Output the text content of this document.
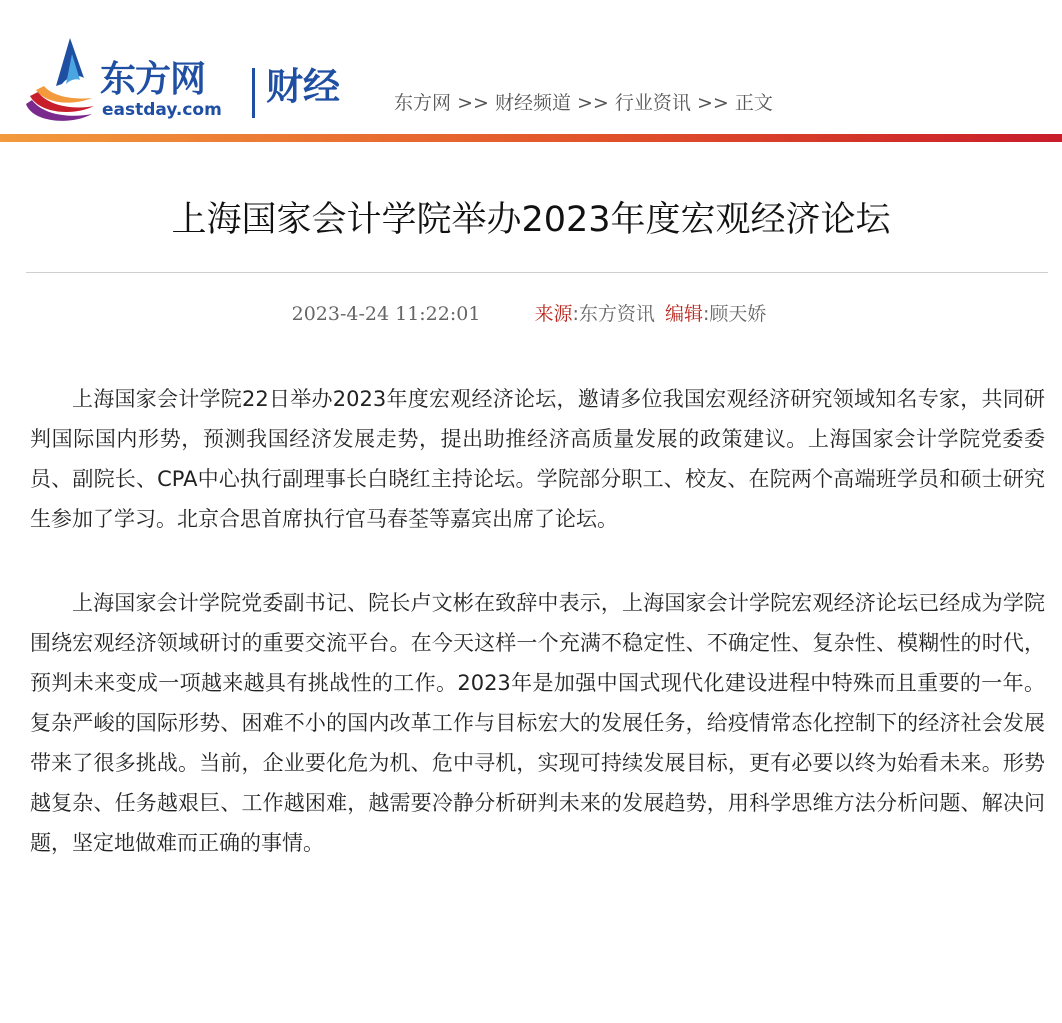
东方网
eastday.com
财经	东方网 >> 财经频道 >> 行业资讯 >> 正文
上海国家会计学院举办2023年度宏观经济论坛
2023-4-24 11:22:01	来源:东方资讯 编辑:顾天娇

上海国家会计学院22日举办2023年度宏观经济论坛，邀请多位我国宏观经济研究领域知名专家，共同研判国际国内形势，预测我国经济发展走势，提出助推经济高质量发展的政策建议。上海国家会计学院党委委员、副院长、CPA中心执行副理事长白晓红主持论坛。学院部分职工、校友、在院两个高端班学员和硕士研究生参加了学习。北京合思首席执行官马春荃等嘉宾出席了论坛。

上海国家会计学院党委副书记、院长卢文彬在致辞中表示，上海国家会计学院宏观经济论坛已经成为学院围绕宏观经济领域研讨的重要交流平台。在今天这样一个充满不稳定性、不确定性、复杂性、模糊性的时代，预判未来变成一项越来越具有挑战性的工作。2023年是加强中国式现代化建设进程中特殊而且重要的一年。复杂严峻的国际形势、困难不小的国内改革工作与目标宏大的发展任务，给疫情常态化控制下的经济社会发展带来了很多挑战。当前，企业要化危为机、危中寻机，实现可持续发展目标，更有必要以终为始看未来。形势越复杂、任务越艰巨、工作越困难，越需要冷静分析研判未来的发展趋势，用科学思维方法分析问题、解决问题，坚定地做难而正确的事情。
